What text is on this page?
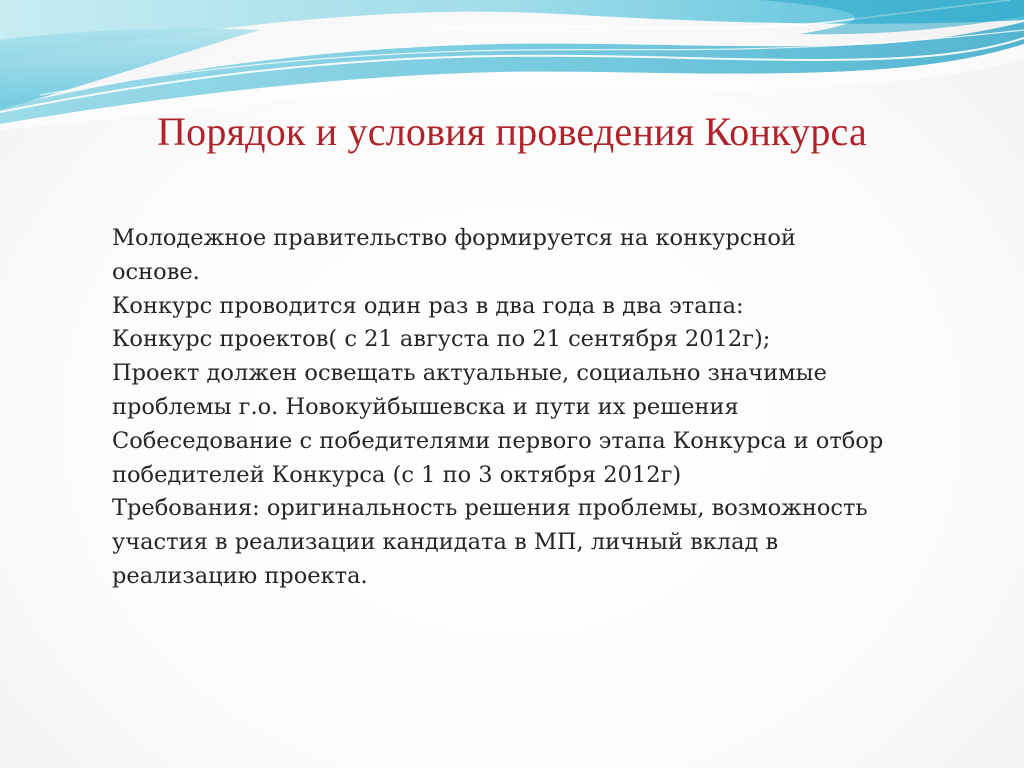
Порядок и условия проведения Конкурса
Молодежное правительство формируется на конкурсной
основе.
Конкурс проводится один раз в два года в два этапа:
Конкурс проектов( с 21 августа по 21 сентября 2012г);
Проект должен освещать актуальные, социально значимые
проблемы г.о. Новокуйбышевска и пути их решения
Собеседование с победителями первого этапа Конкурса и отбор
победителей Конкурса (с 1 по 3 октября 2012г)
Требования: оригинальность решения проблемы, возможность
участия в реализации кандидата в МП, личный вклад в
реализацию проекта.
